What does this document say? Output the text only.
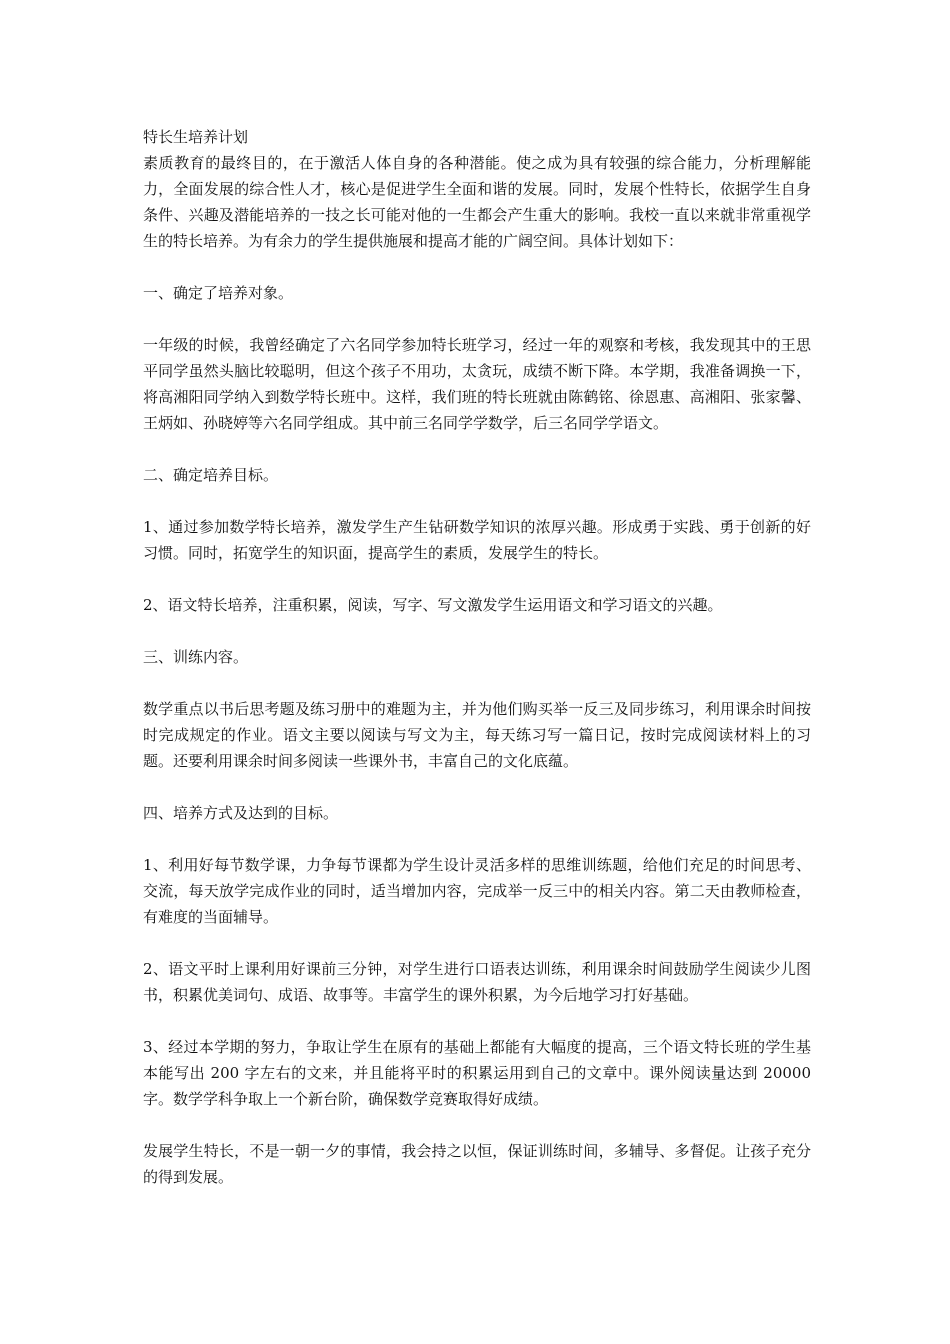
特长生培养计划

素质教育的最终目的，在于激活人体自身的各种潜能。使之成为具有较强的综合能力，分析理解能力，全面发展的综合性人才，核心是促进学生全面和谐的发展。同时，发展个性特长，依据学生自身条件、兴趣及潜能培养的一技之长可能对他的一生都会产生重大的影响。我校一直以来就非常重视学生的特长培养。为有余力的学生提供施展和提高才能的广阔空间。具体计划如下：

一、确定了培养对象。

一年级的时候，我曾经确定了六名同学参加特长班学习，经过一年的观察和考核，我发现其中的王思平同学虽然头脑比较聪明，但这个孩子不用功，太贪玩，成绩不断下降。本学期，我准备调换一下，将高湘阳同学纳入到数学特长班中。这样，我们班的特长班就由陈鹤铭、徐恩惠、高湘阳、张家馨、王炳如、孙晓婷等六名同学组成。其中前三名同学学数学，后三名同学学语文。

二、确定培养目标。

1、通过参加数学特长培养，激发学生产生钻研数学知识的浓厚兴趣。形成勇于实践、勇于创新的好习惯。同时，拓宽学生的知识面，提高学生的素质，发展学生的特长。

2、语文特长培养，注重积累，阅读，写字、写文激发学生运用语文和学习语文的兴趣。

三、训练内容。

数学重点以书后思考题及练习册中的难题为主，并为他们购买举一反三及同步练习，利用课余时间按时完成规定的作业。语文主要以阅读与写文为主，每天练习写一篇日记，按时完成阅读材料上的习题。还要利用课余时间多阅读一些课外书，丰富自己的文化底蕴。

四、培养方式及达到的目标。

1、利用好每节数学课，力争每节课都为学生设计灵活多样的思维训练题，给他们充足的时间思考、交流，每天放学完成作业的同时，适当增加内容，完成举一反三中的相关内容。第二天由教师检查，有难度的当面辅导。

2、语文平时上课利用好课前三分钟，对学生进行口语表达训练，利用课余时间鼓励学生阅读少儿图书，积累优美词句、成语、故事等。丰富学生的课外积累，为今后地学习打好基础。

3、经过本学期的努力，争取让学生在原有的基础上都能有大幅度的提高，三个语文特长班的学生基本能写出 200 字左右的文来，并且能将平时的积累运用到自己的文章中。课外阅读量达到 20000 字。数学学科争取上一个新台阶，确保数学竞赛取得好成绩。

发展学生特长，不是一朝一夕的事情，我会持之以恒，保证训练时间，多辅导、多督促。让孩子充分的得到发展。
